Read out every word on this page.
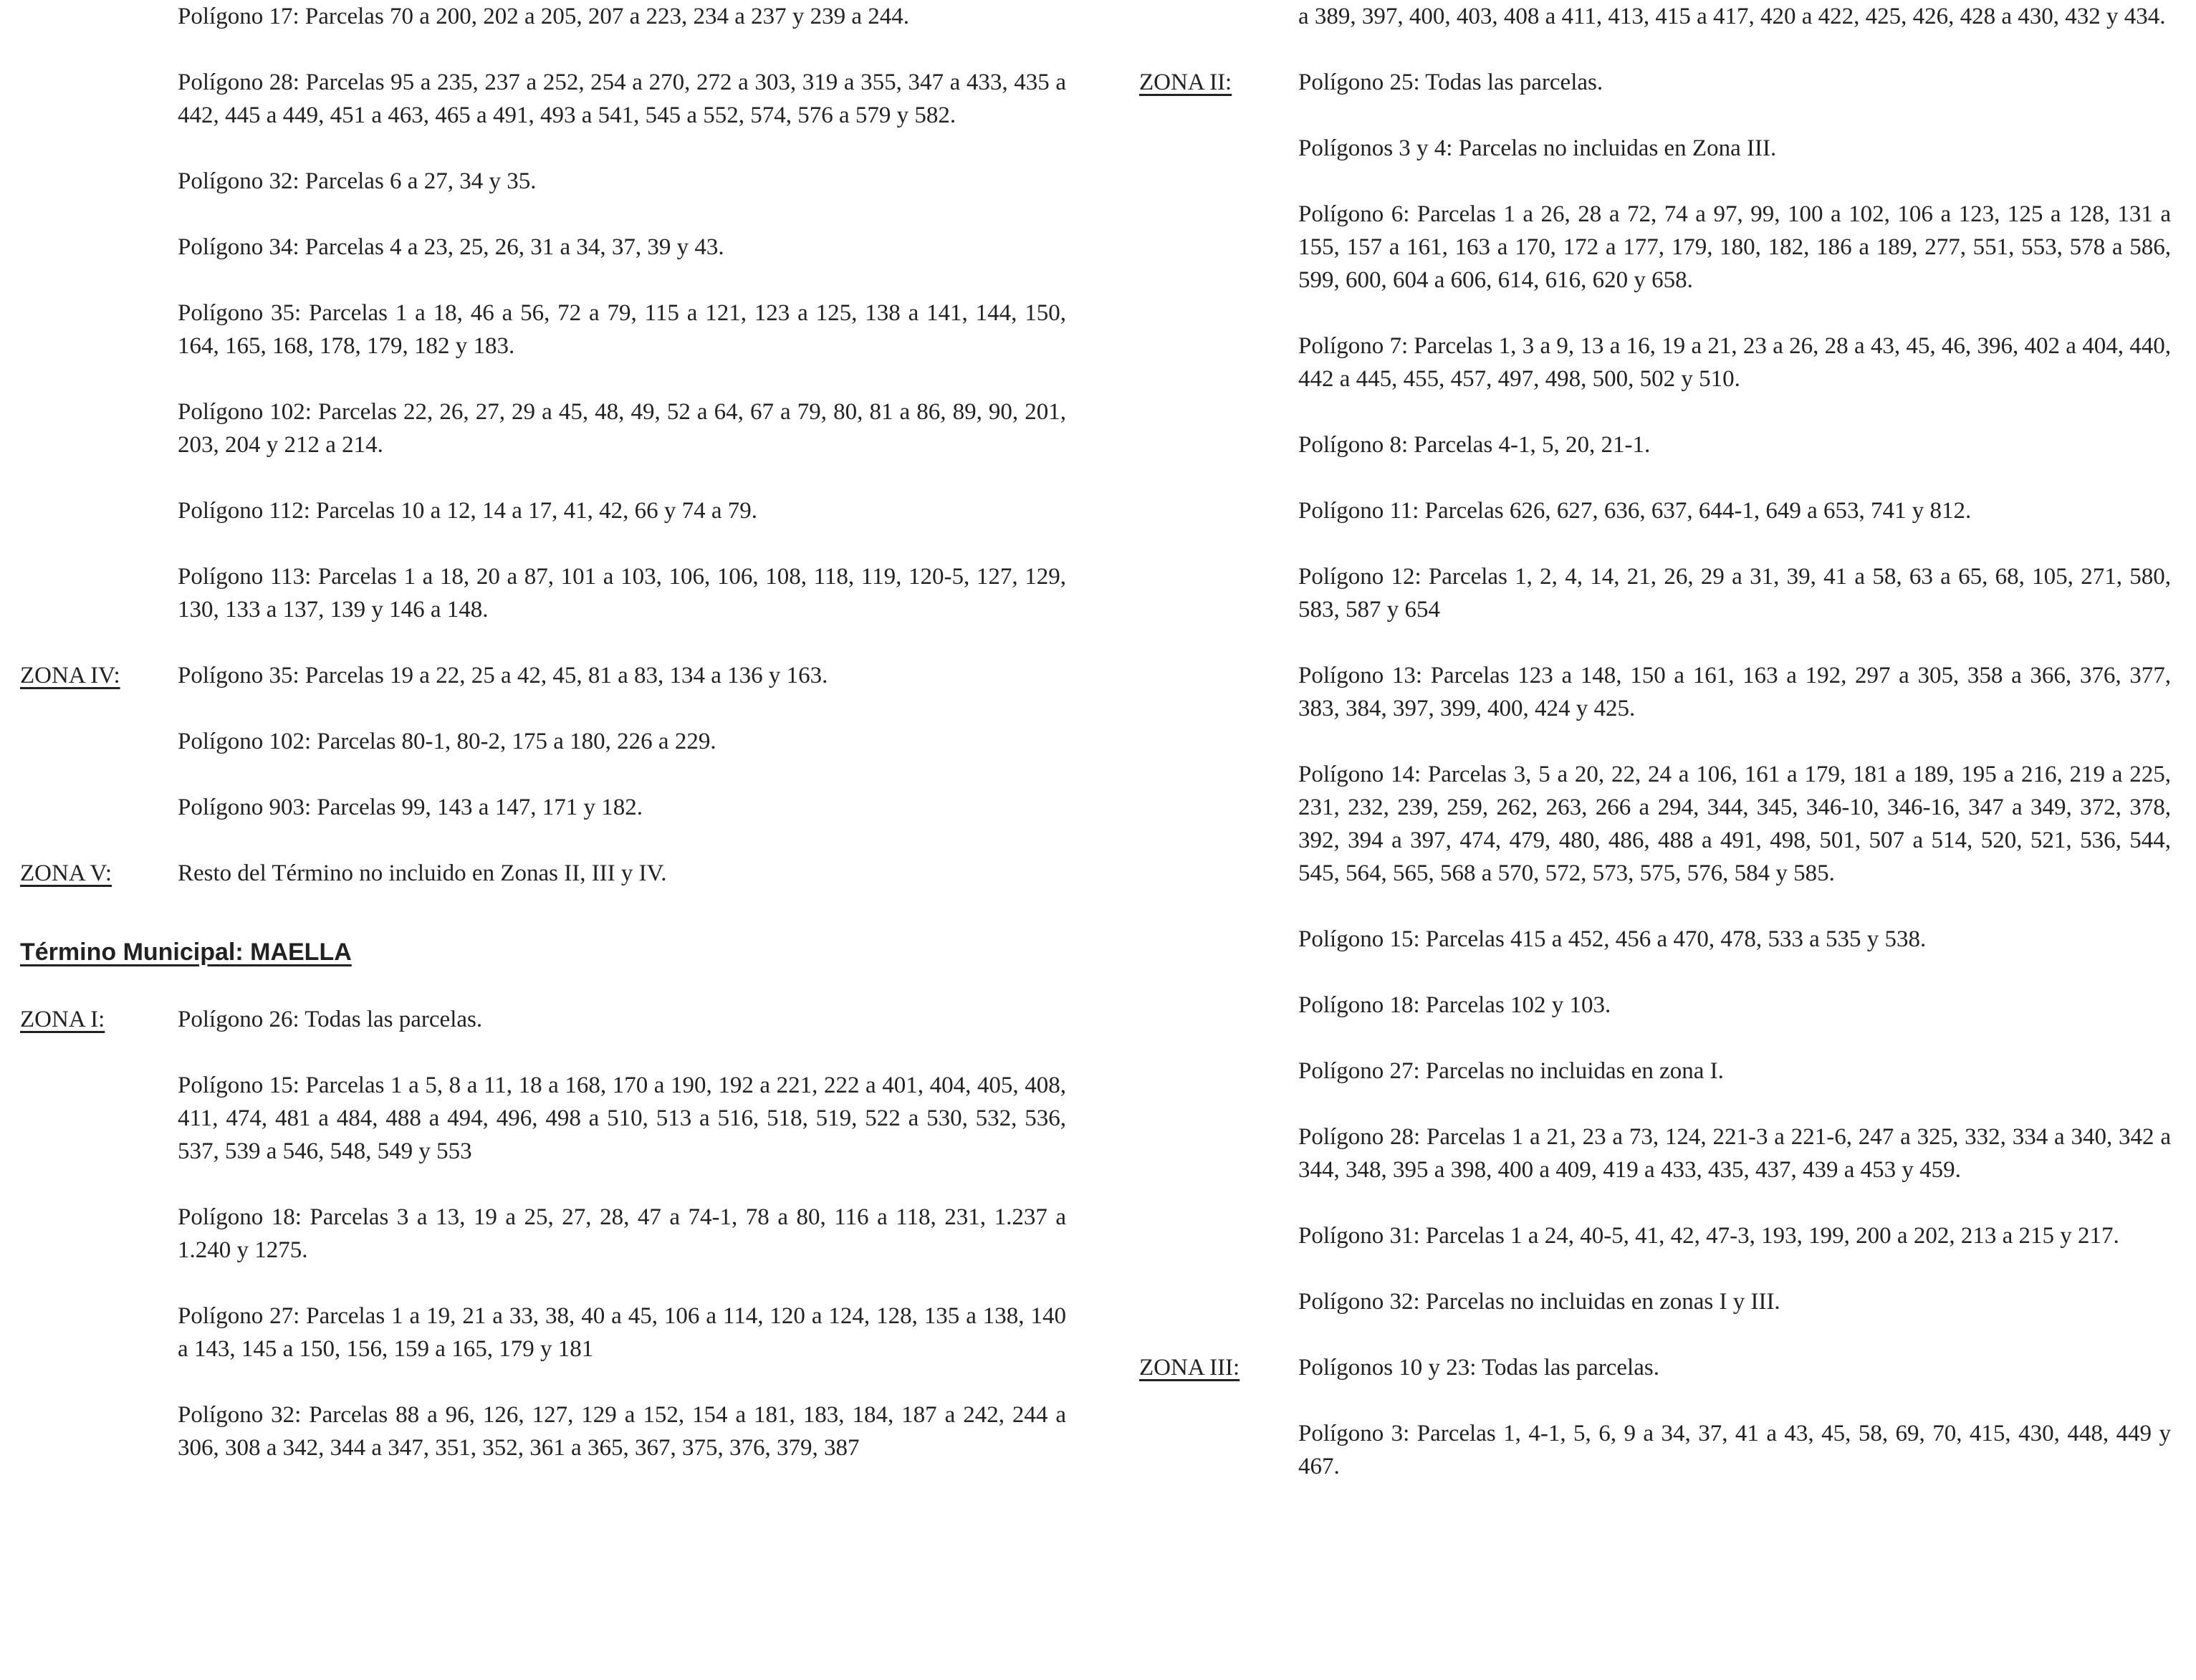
Polígono 17: Parcelas 70 a 200, 202 a 205, 207 a 223, 234 a 237 y 239 a 244.

Polígono 28: Parcelas 95 a 235, 237 a 252, 254 a 270, 272 a 303, 319 a 355, 347 a 433, 435 a 442, 445 a 449, 451 a 463, 465 a 491, 493 a 541, 545 a 552, 574, 576 a 579 y 582.

Polígono 32: Parcelas 6 a 27, 34 y 35.

Polígono 34: Parcelas 4 a 23, 25, 26, 31 a 34, 37, 39 y 43.

Polígono 35: Parcelas 1 a 18, 46 a 56, 72 a 79, 115 a 121, 123 a 125, 138 a 141, 144, 150, 164, 165, 168, 178, 179, 182 y 183.

Polígono 102: Parcelas 22, 26, 27, 29 a 45, 48, 49, 52 a 64, 67 a 79, 80, 81 a 86, 89, 90, 201, 203, 204 y 212 a 214.

Polígono 112: Parcelas 10 a 12, 14 a 17, 41, 42, 66 y 74 a 79.

Polígono 113: Parcelas 1 a 18, 20 a 87, 101 a 103, 106, 106, 108, 118, 119, 120-5, 127, 129, 130, 133 a 137, 139 y 146 a 148.

ZONA IV:	Polígono 35: Parcelas 19 a 22, 25 a 42, 45, 81 a 83, 134 a 136 y 163.

Polígono 102: Parcelas 80-1, 80-2, 175 a 180, 226 a 229.

Polígono 903: Parcelas 99, 143 a 147, 171 y 182.

ZONA V:	Resto del Término no incluido en Zonas II, III y IV.

Término Municipal: MAELLA
ZONA I:	Polígono 26: Todas las parcelas.

Polígono 15: Parcelas 1 a 5, 8 a 11, 18 a 168, 170 a 190, 192 a 221, 222 a 401, 404, 405, 408, 411, 474, 481 a 484, 488 a 494, 496, 498 a 510, 513 a 516, 518, 519, 522 a 530, 532, 536, 537, 539 a 546, 548, 549 y 553

Polígono 18: Parcelas 3 a 13, 19 a 25, 27, 28, 47 a 74-1, 78 a 80, 116 a 118, 231, 1.237 a 1.240 y 1275.

Polígono 27: Parcelas 1 a 19, 21 a 33, 38, 40 a 45, 106 a 114, 120 a 124, 128, 135 a 138, 140 a 143, 145 a 150, 156, 159 a 165, 179 y 181

Polígono 32: Parcelas 88 a 96, 126, 127, 129 a 152, 154 a 181, 183, 184, 187 a 242, 244 a 306, 308 a 342, 344 a 347, 351, 352, 361 a 365, 367, 375, 376, 379, 387

a 389, 397, 400, 403, 408 a 411, 413, 415 a 417, 420 a 422, 425, 426, 428 a 430, 432 y 434.

ZONA II:	Polígono 25: Todas las parcelas.

Polígonos 3 y 4: Parcelas no incluidas en Zona III.

Polígono 6: Parcelas 1 a 26, 28 a 72, 74 a 97, 99, 100 a 102, 106 a 123, 125 a 128, 131 a 155, 157 a 161, 163 a 170, 172 a 177, 179, 180, 182, 186 a 189, 277, 551, 553, 578 a 586, 599, 600, 604 a 606, 614, 616, 620 y 658.

Polígono 7: Parcelas 1, 3 a 9, 13 a 16, 19 a 21, 23 a 26, 28 a 43, 45, 46, 396, 402 a 404, 440, 442 a 445, 455, 457, 497, 498, 500, 502 y 510.

Polígono 8: Parcelas 4-1, 5, 20, 21-1.

Polígono 11: Parcelas 626, 627, 636, 637, 644-1, 649 a 653, 741 y 812.

Polígono 12: Parcelas 1, 2, 4, 14, 21, 26, 29 a 31, 39, 41 a 58, 63 a 65, 68, 105, 271, 580, 583, 587 y 654

Polígono 13: Parcelas 123 a 148, 150 a 161, 163 a 192, 297 a 305, 358 a 366, 376, 377, 383, 384, 397, 399, 400, 424 y 425.

Polígono 14: Parcelas 3, 5 a 20, 22, 24 a 106, 161 a 179, 181 a 189, 195 a 216, 219 a 225, 231, 232, 239, 259, 262, 263, 266 a 294, 344, 345, 346-10, 346-16, 347 a 349, 372, 378, 392, 394 a 397, 474, 479, 480, 486, 488 a 491, 498, 501, 507 a 514, 520, 521, 536, 544, 545, 564, 565, 568 a 570, 572, 573, 575, 576, 584 y 585.

Polígono 15: Parcelas 415 a 452, 456 a 470, 478, 533 a 535 y 538.

Polígono 18: Parcelas 102 y 103.

Polígono 27: Parcelas no incluidas en zona I.

Polígono 28: Parcelas 1 a 21, 23 a 73, 124, 221-3 a 221-6, 247 a 325, 332, 334 a 340, 342 a 344, 348, 395 a 398, 400 a 409, 419 a 433, 435, 437, 439 a 453 y 459.

Polígono 31: Parcelas 1 a 24, 40-5, 41, 42, 47-3, 193, 199, 200 a 202, 213 a 215 y 217.

Polígono 32: Parcelas no incluidas en zonas I y III.

ZONA III:	Polígonos 10 y 23: Todas las parcelas.

Polígono 3: Parcelas 1, 4-1, 5, 6, 9 a 34, 37, 41 a 43, 45, 58, 69, 70, 415, 430, 448, 449 y 467.
